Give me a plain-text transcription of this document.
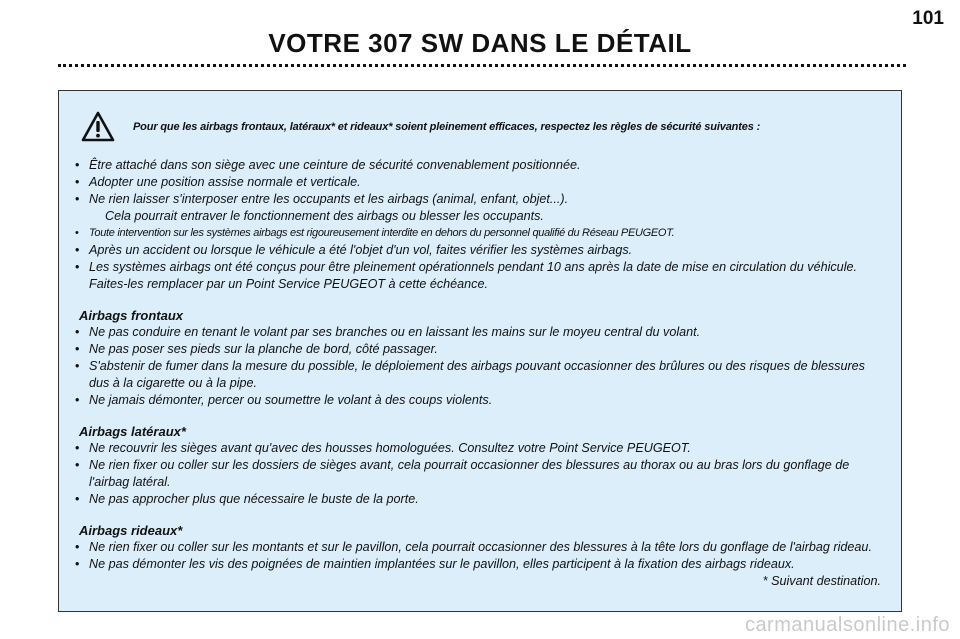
101
VOTRE 307 SW DANS LE DÉTAIL
Pour que les airbags frontaux, latéraux* et rideaux* soient pleinement efficaces, respectez les règles de sécurité suivantes :
• Être attaché dans son siège avec une ceinture de sécurité convenablement positionnée.
• Adopter une position assise normale et verticale.
• Ne rien laisser s'interposer entre les occupants et les airbags (animal, enfant, objet...).
Cela pourrait entraver le fonctionnement des airbags ou blesser les occupants.
• Toute intervention sur les systèmes airbags est rigoureusement interdite en dehors du personnel qualifié du Réseau PEUGEOT.
• Après un accident ou lorsque le véhicule a été l'objet d'un vol, faites vérifier les systèmes airbags.
• Les systèmes airbags ont été conçus pour être pleinement opérationnels pendant 10 ans après la date de mise en circulation du véhicule. Faites-les remplacer par un Point Service PEUGEOT à cette échéance.
Airbags frontaux
• Ne pas conduire en tenant le volant par ses branches ou en laissant les mains sur le moyeu central du volant.
• Ne pas poser ses pieds sur la planche de bord, côté passager.
• S'abstenir de fumer dans la mesure du possible, le déploiement des airbags pouvant occasionner des brûlures ou des risques de blessures dus à la cigarette ou à la pipe.
• Ne jamais démonter, percer ou soumettre le volant à des coups violents.
Airbags latéraux*
• Ne recouvrir les sièges avant qu'avec des housses homologuées. Consultez votre Point Service PEUGEOT.
• Ne rien fixer ou coller sur les dossiers de sièges avant, cela pourrait occasionner des blessures au thorax ou au bras lors du gonflage de l'airbag latéral.
• Ne pas approcher plus que nécessaire le buste de la porte.
Airbags rideaux*
• Ne rien fixer ou coller sur les montants et sur le pavillon, cela pourrait occasionner des blessures à la tête lors du gonflage de l'airbag rideau.
• Ne pas démonter les vis des poignées de maintien implantées sur le pavillon, elles participent à la fixation des airbags rideaux.
* Suivant destination.
carmanualsonline.info
